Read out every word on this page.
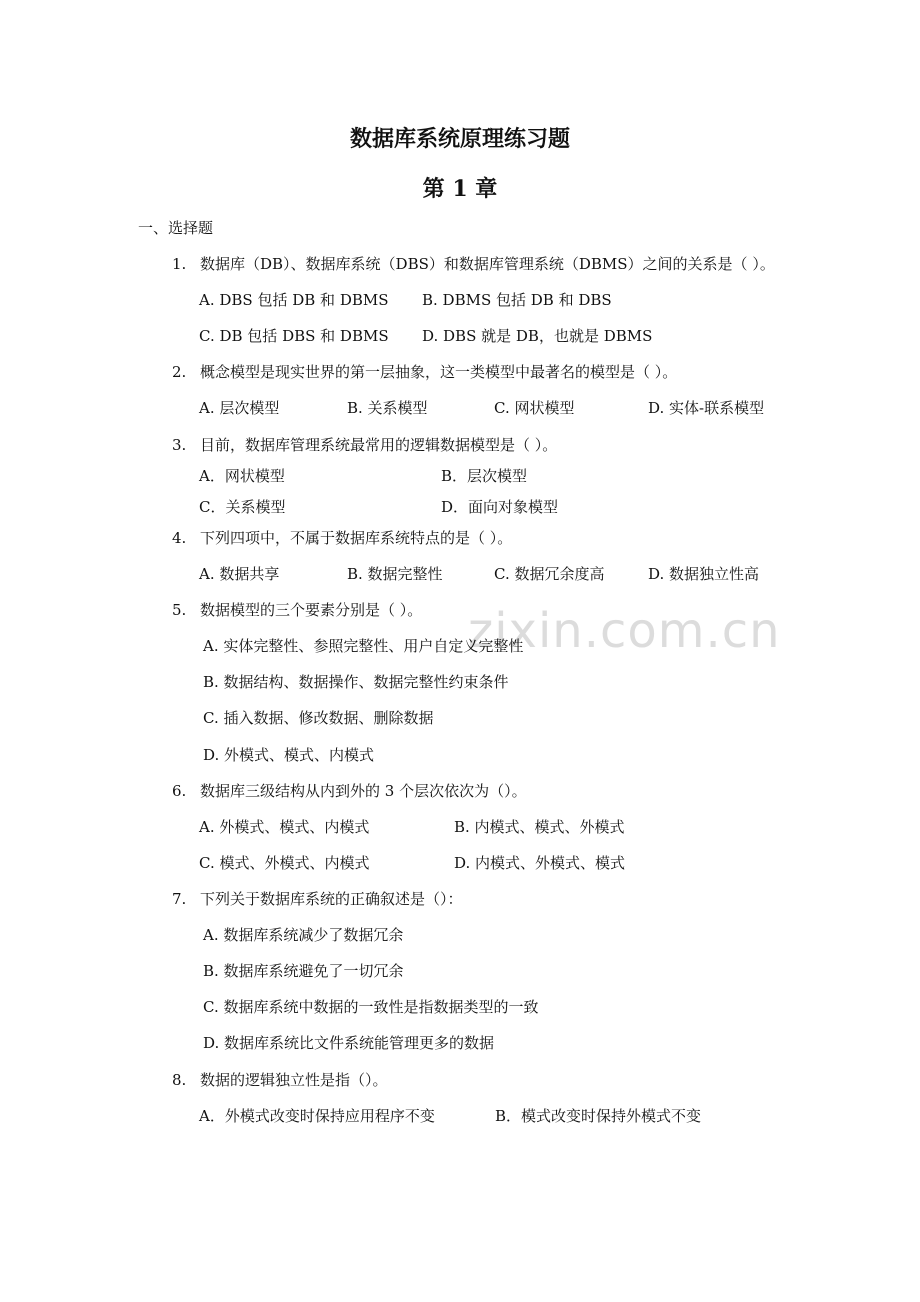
数据库系统原理练习题
第 1 章
一、选择题
zixin.com.cn
1. 数据库（DB）、数据库系统（DBS）和数据库管理系统（DBMS）之间的关系是（ ）。
A. DBS 包括 DB 和 DBMS B. DBMS 包括 DB 和 DBS
C. DB 包括 DBS 和 DBMS D. DBS 就是 DB，也就是 DBMS
2. 概念模型是现实世界的第一层抽象，这一类模型中最著名的模型是（ ）。
A. 层次模型	B. 关系模型	C. 网状模型	D. 实体-联系模型
3. 目前，数据库管理系统最常用的逻辑数据模型是（ ）。
A．网状模型	B．层次模型
C．关系模型	D．面向对象模型
4. 下列四项中，不属于数据库系统特点的是（ ）。
A. 数据共享	B. 数据完整性	C. 数据冗余度高	D. 数据独立性高
5. 数据模型的三个要素分别是（ ）。
A. 实体完整性、参照完整性、用户自定义完整性
B. 数据结构、数据操作、数据完整性约束条件
C. 插入数据、修改数据、删除数据
D. 外模式、模式、内模式
6. 数据库三级结构从内到外的 3 个层次依次为（）。
A. 外模式、模式、内模式	B. 内模式、模式、外模式
C. 模式、外模式、内模式	D. 内模式、外模式、模式
7. 下列关于数据库系统的正确叙述是（）：
A. 数据库系统减少了数据冗余
B. 数据库系统避免了一切冗余
C. 数据库系统中数据的一致性是指数据类型的一致
D. 数据库系统比文件系统能管理更多的数据
8. 数据的逻辑独立性是指（）。
A．外模式改变时保持应用程序不变	B．模式改变时保持外模式不变
